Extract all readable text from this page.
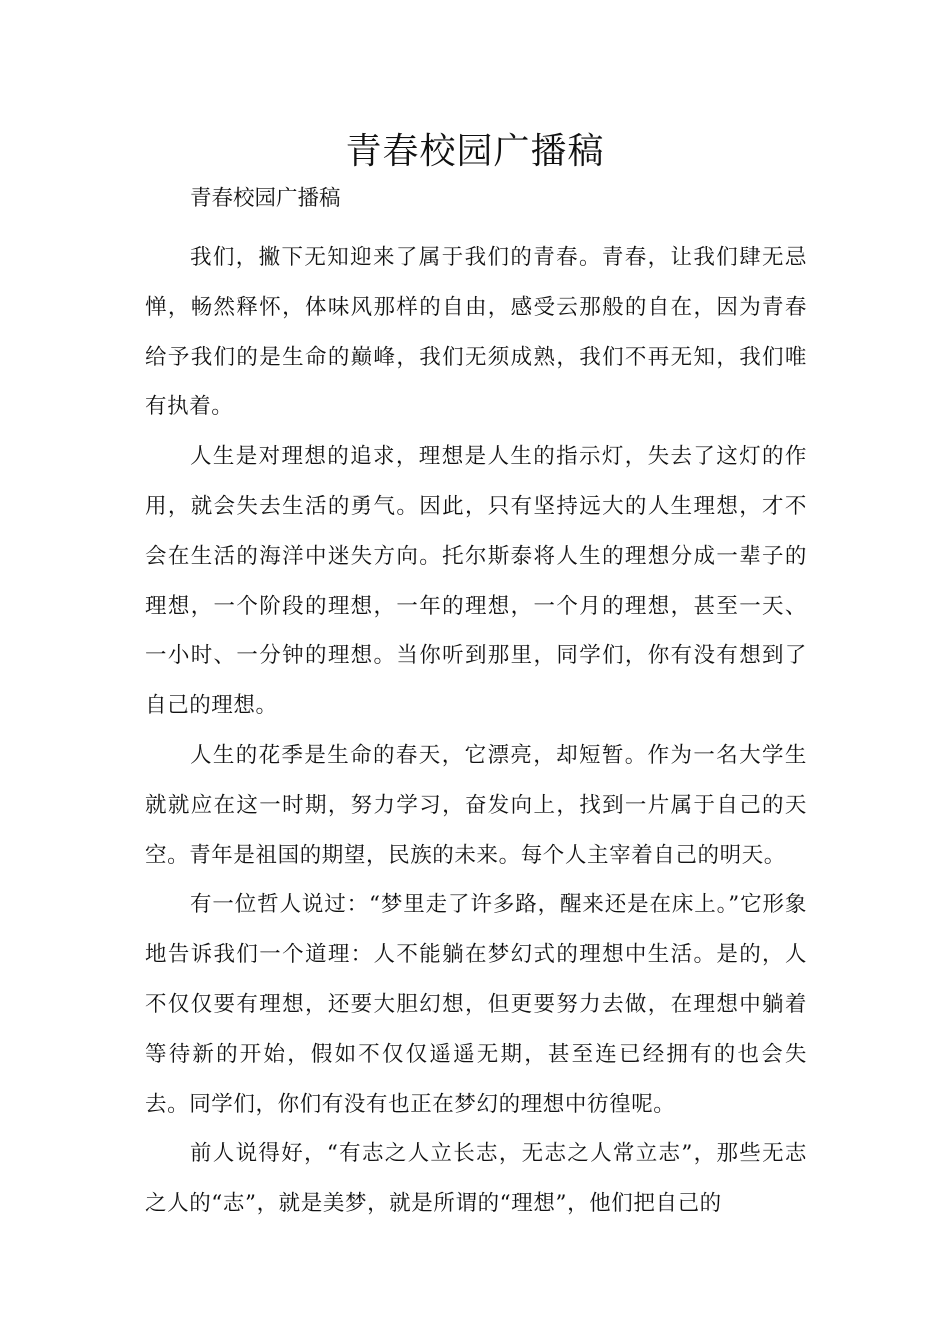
青春校园广播稿

青春校园广播稿

我们，撇下无知迎来了属于我们的青春。青春，让我们肆无忌惮，畅然释怀，体味风那样的自由，感受云那般的自在，因为青春给予我们的是生命的巅峰，我们无须成熟，我们不再无知，我们唯有执着。

人生是对理想的追求，理想是人生的指示灯，失去了这灯的作用，就会失去生活的勇气。因此，只有坚持远大的人生理想，才不会在生活的海洋中迷失方向。托尔斯泰将人生的理想分成一辈子的理想，一个阶段的理想，一年的理想，一个月的理想，甚至一天、一小时、一分钟的理想。当你听到那里，同学们，你有没有想到了自己的理想。

人生的花季是生命的春天，它漂亮，却短暂。作为一名大学生就就应在这一时期，努力学习，奋发向上，找到一片属于自己的天空。青年是祖国的期望，民族的未来。每个人主宰着自己的明天。

有一位哲人说过：“梦里走了许多路，醒来还是在床上。”它形象地告诉我们一个道理：人不能躺在梦幻式的理想中生活。是的，人不仅仅要有理想，还要大胆幻想，但更要努力去做，在理想中躺着等待新的开始，假如不仅仅遥遥无期，甚至连已经拥有的也会失去。同学们，你们有没有也正在梦幻的理想中彷徨呢。

前人说得好，“有志之人立长志，无志之人常立志”，那些无志之人的“志”，就是美梦，就是所谓的“理想”，他们把自己的
